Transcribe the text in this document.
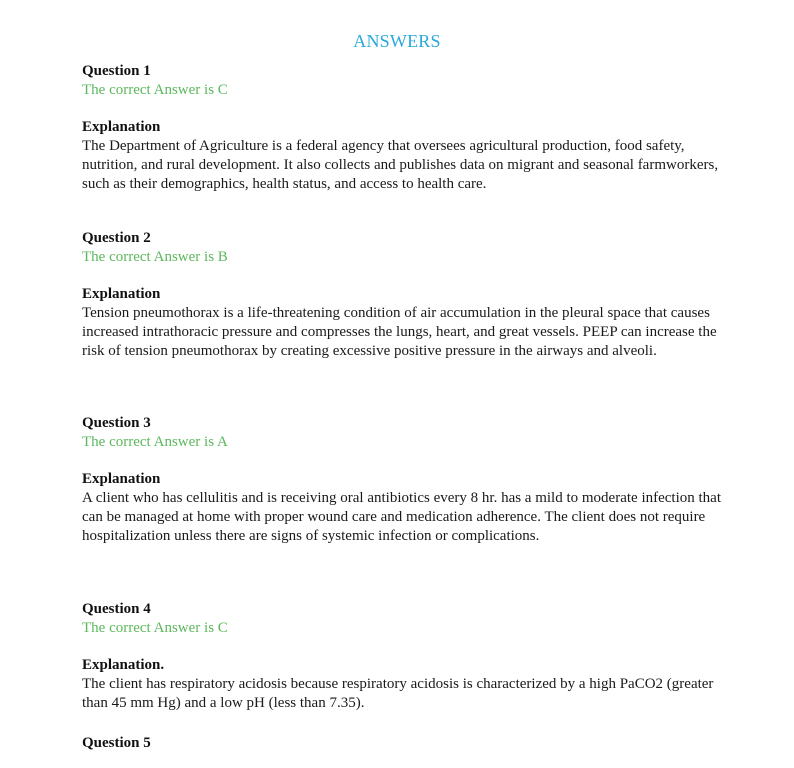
ANSWERS

Question 1

The correct Answer is C

Explanation

The Department of Agriculture is a federal agency that oversees agricultural production, food safety, nutrition, and rural development. It also collects and publishes data on migrant and seasonal farmworkers, such as their demographics, health status, and access to health care.

Question 2

The correct Answer is B

Explanation

Tension pneumothorax is a life-threatening condition of air accumulation in the pleural space that causes increased intrathoracic pressure and compresses the lungs, heart, and great vessels. PEEP can increase the risk of tension pneumothorax by creating excessive positive pressure in the airways and alveoli.

Question 3

The correct Answer is A

Explanation

A client who has cellulitis and is receiving oral antibiotics every 8 hr. has a mild to moderate infection that can be managed at home with proper wound care and medication adherence. The client does not require hospitalization unless there are signs of systemic infection or complications.

Question 4

The correct Answer is C

Explanation.

The client has respiratory acidosis because respiratory acidosis is characterized by a high PaCO2 (greater than 45 mm Hg) and a low pH (less than 7.35).

Question 5
